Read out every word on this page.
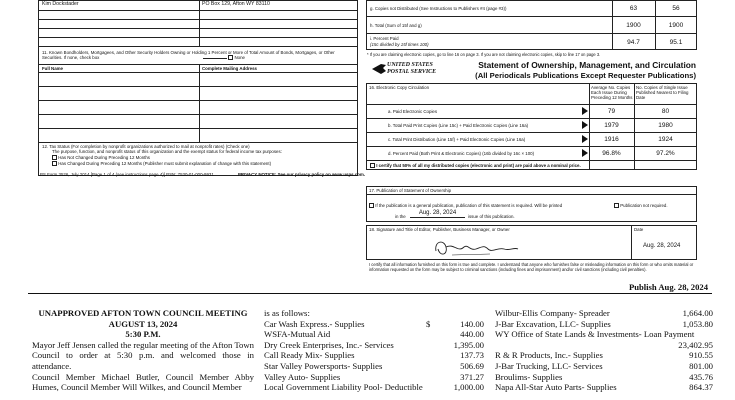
Kim Dockstader	PO Box 129, Afton WY 83110
11. Known Bondholders, Mortgagees, and Other Security Holders Owning or Holding 1 Percent or More of Total Amount of Bonds, Mortgages, or Other Securities. If none, check box	None
Full Name	Complete Mailing Address
12. Tax Status (For completion by nonprofit organizations authorized to mail at nonprofit rates) (Check one)
The purpose, function, and nonprofit status of this organization and the exempt status for federal income tax purposes:
Has Not Changed During Preceding 12 Months
Has Changed During Preceding 12 Months (Publisher must submit explanation of change with this statement)
PS Form 3526, July 2014 [Page 1 of 4 (see instructions page 4)] PSN: 7530-01-000-9931	PRIVACY NOTICE: See our privacy policy on www.usps.com.
g. Copies not Distributed (See Instructions to Publishers #4 (page #3))	63	56
h. Total (Sum of 15f and g)	1900	1900
i. Percent Paid
(15c divided by 15f times 100)	94.7	95.1
* If you are claiming electronic copies, go to line 16 on page 3. If you are not claiming electronic copies, skip to line 17 on page 3.
UNITED STATES
POSTAL SERVICE
Statement of Ownership, Management, and Circulation
(All Periodicals Publications Except Requester Publications)
16. Electronic Copy Circulation	Average No. Copies Each Issue During Preceding 12 Months
No. Copies of Single Issue Published Nearest to Filing Date
a. Paid Electronic Copies	79	80
b. Total Paid Print Copies (Line 15c) + Paid Electronic Copies (Line 16a)	1979	1980
c. Total Print Distribution (Line 15f) + Paid Electronic Copies (Line 16a)	1916	1924
d. Percent Paid (Both Print & Electronic Copies) (16b divided by 16c × 100)	96.8%	97.2%
I certify that 50% of all my distributed copies (electronic and print) are paid above a nominal price.
17. Publication of Statement of Ownership
If the publication is a general publication, publication of this statement is required. Will be printed	Publication not required.
in the
Aug. 28, 2024
issue of this publication.
18. Signature and Title of Editor, Publisher, Business Manager, or Owner	Date
Aug. 28, 2024
I certify that all information furnished on this form is true and complete. I understand that anyone who furnishes false or misleading information on this form or who omits material or information requested on the form may be subject to criminal sanctions (including fines and imprisonment) and/or civil sanctions (including civil penalties).
Publish Aug. 28, 2024
UNAPPROVED AFTON TOWN COUNCIL MEETING
AUGUST 13, 2024
5:30 P.M.
Mayor Jeff Jensen called the regular meeting of the Afton Town Council to order at 5:30 p.m. and welcomed those in attendance.
Council Member Michael Butler, Council Member Abby Humes, Council Member Will Wilkes, and Council Member
is as follows:
Car Wash Express.- Supplies	$	140.00
WSFA-Mutual Aid	440.00
Dry Creek Enterprises, Inc.- Services	1,395.00
Call Ready Mix- Supplies	137.73
Star Valley Powersports- Supplies	506.69
Valley Auto- Supplies	371.27
Local Government Liability Pool- Deductible	1,000.00
Wilbur-Ellis Company- Spreader	1,664.00
J-Bar Excavation, LLC- Supplies	1,053.80
WY Office of State Lands & Investments- Loan Payment
23,402.95
R & R Products, Inc.- Supplies	910.55
J-Bar Trucking, LLC- Services	801.00
Broulims- Supplies	435.76
Napa All-Star Auto Parts- Supplies	864.37
